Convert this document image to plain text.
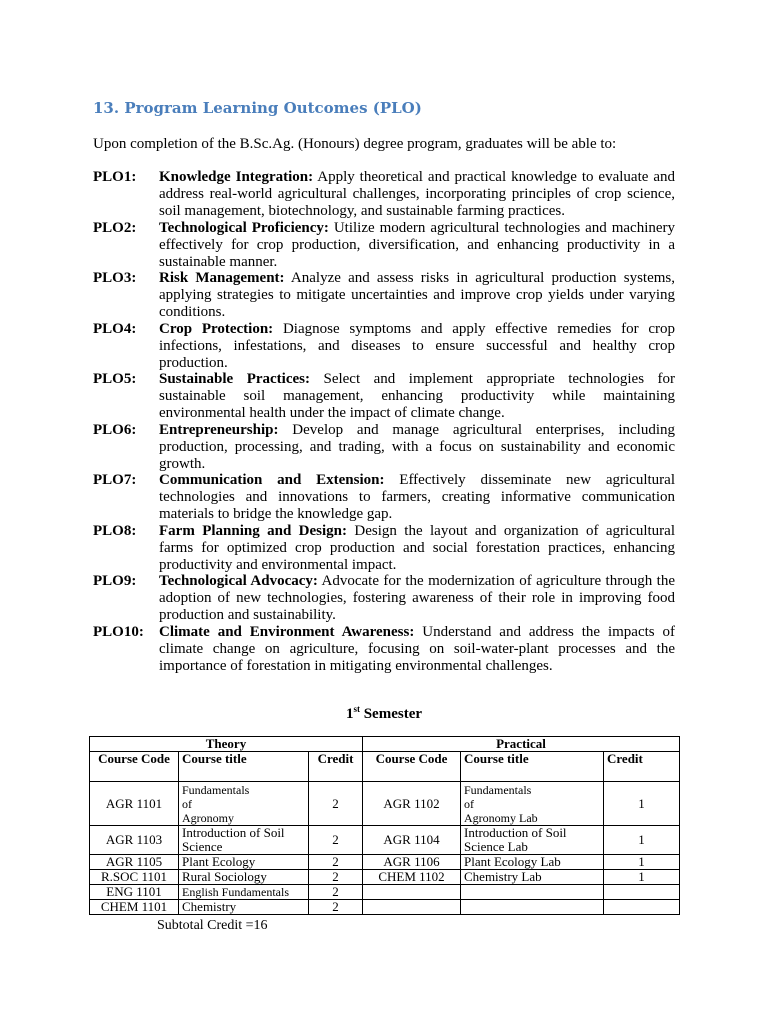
13. Program Learning Outcomes (PLO)
Upon completion of the B.Sc.Ag. (Honours) degree program, graduates will be able to:
PLO1: Knowledge Integration: Apply theoretical and practical knowledge to evaluate and address real-world agricultural challenges, incorporating principles of crop science, soil management, biotechnology, and sustainable farming practices.
PLO2: Technological Proficiency: Utilize modern agricultural technologies and machinery effectively for crop production, diversification, and enhancing productivity in a sustainable manner.
PLO3: Risk Management: Analyze and assess risks in agricultural production systems, applying strategies to mitigate uncertainties and improve crop yields under varying conditions.
PLO4: Crop Protection: Diagnose symptoms and apply effective remedies for crop infections, infestations, and diseases to ensure successful and healthy crop production.
PLO5: Sustainable Practices: Select and implement appropriate technologies for sustainable soil management, enhancing productivity while maintaining environmental health under the impact of climate change.
PLO6: Entrepreneurship: Develop and manage agricultural enterprises, including production, processing, and trading, with a focus on sustainability and economic growth.
PLO7: Communication and Extension: Effectively disseminate new agricultural technologies and innovations to farmers, creating informative communication materials to bridge the knowledge gap.
PLO8: Farm Planning and Design: Design the layout and organization of agricultural farms for optimized crop production and social forestation practices, enhancing productivity and environmental impact.
PLO9: Technological Advocacy: Advocate for the modernization of agriculture through the adoption of new technologies, fostering awareness of their role in improving food production and sustainability.
PLO10: Climate and Environment Awareness: Understand and address the impacts of climate change on agriculture, focusing on soil-water-plant processes and the importance of forestation in mitigating environmental challenges.
1st Semester
Theory			Practical		
Course Code	Course title	Credit	Course Code	Course title	Credit
AGR 1101	Fundamentals
of
Agronomy	2	AGR 1102	Fundamentals
of
Agronomy Lab	1
AGR 1103	Introduction of Soil
Science	2	AGR 1104	Introduction of Soil
Science Lab	1
AGR 1105	Plant Ecology	2	AGR 1106	Plant Ecology Lab	1
R.SOC 1101	Rural Sociology	2	CHEM 1102	Chemistry Lab	1
ENG 1101	English Fundamentals	2			
CHEM 1101	Chemistry	2			
Subtotal Credit =16
